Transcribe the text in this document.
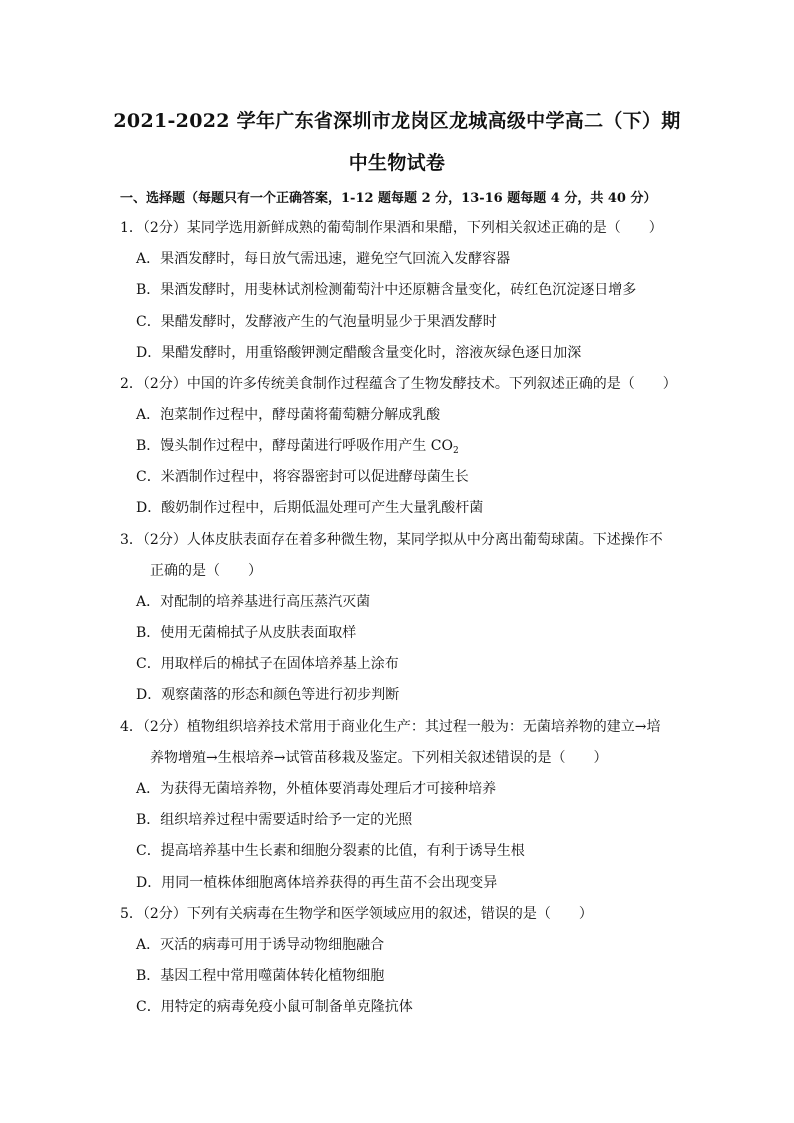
2021-2022 学年广东省深圳市龙岗区龙城高级中学高二（下）期
中生物试卷
一、选择题（每题只有一个正确答案，1-12 题每题 2 分，13-16 题每题 4 分，共 40 分）
1．（2分）某同学选用新鲜成熟的葡萄制作果酒和果醋，下列相关叙述正确的是（　　）
A．果酒发酵时，每日放气需迅速，避免空气回流入发酵容器
B．果酒发酵时，用斐林试剂检测葡萄汁中还原糖含量变化，砖红色沉淀逐日增多
C．果醋发酵时，发酵液产生的气泡量明显少于果酒发酵时
D．果醋发酵时，用重铬酸钾测定醋酸含量变化时，溶液灰绿色逐日加深
2．（2分）中国的许多传统美食制作过程蕴含了生物发酵技术。下列叙述正确的是（　　）
A．泡菜制作过程中，酵母菌将葡萄糖分解成乳酸
B．馒头制作过程中，酵母菌进行呼吸作用产生 $CO_2$
C．米酒制作过程中，将容器密封可以促进酵母菌生长
D．酸奶制作过程中，后期低温处理可产生大量乳酸杆菌
3．（2分）人体皮肤表面存在着多种微生物，某同学拟从中分离出葡萄球菌。下述操作不
正确的是（　　）
A．对配制的培养基进行高压蒸汽灭菌
B．使用无菌棉拭子从皮肤表面取样
C．用取样后的棉拭子在固体培养基上涂布
D．观察菌落的形态和颜色等进行初步判断
4．（2分）植物组织培养技术常用于商业化生产：其过程一般为：无菌培养物的建立→培
养物增殖→生根培养→试管苗移栽及鉴定。下列相关叙述错误的是（　　）
A．为获得无菌培养物，外植体要消毒处理后才可接种培养
B．组织培养过程中需要适时给予一定的光照
C．提高培养基中生长素和细胞分裂素的比值，有利于诱导生根
D．用同一植株体细胞离体培养获得的再生苗不会出现变异
5．（2分）下列有关病毒在生物学和医学领域应用的叙述，错误的是（　　）
A．灭活的病毒可用于诱导动物细胞融合
B．基因工程中常用噬菌体转化植物细胞
C．用特定的病毒免疫小鼠可制备单克隆抗体
